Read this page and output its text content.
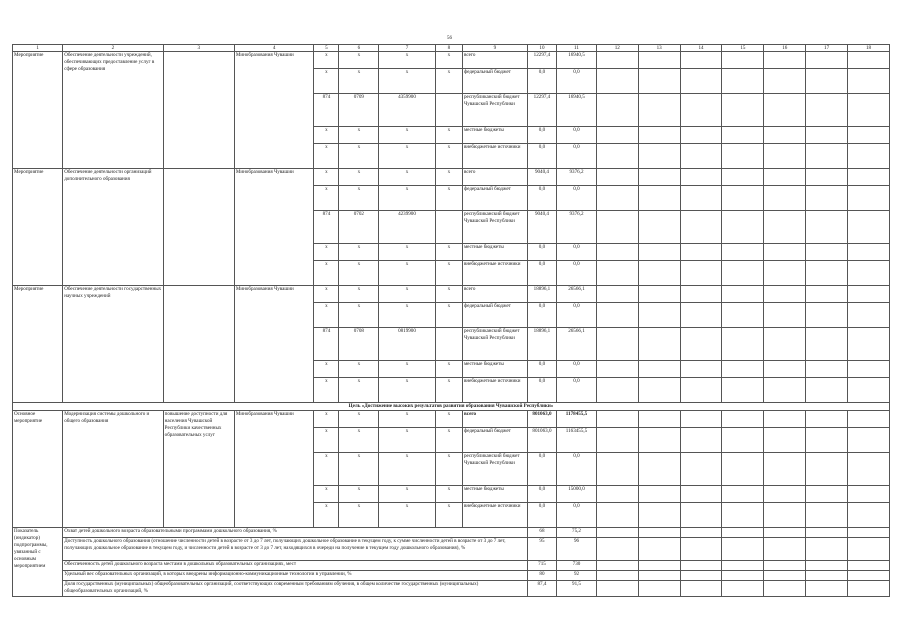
56
1	2	3	4	5	6	7	8	9	10	11	12	13	14	15	16	17	18
Мероприятие	Обеспечение деятельности учреждений, обеспечивающих предоставление услуг в сфере образования		Минобразования Чувашии	х	х	х	х	всего	12297,4	16940,5							
				х	х	х	х	федеральный бюджет	0,0	0,0							
				874	0709	4359900		республиканский бюджет Чувашской Республики	12297,4	16940,5							
				х	х	х	х	местные бюджеты	0,0	0,0							
				х	х	х	х	внебюджетные источники	0,0	0,0							
Мероприятие	Обеспечение деятельности организаций дополнительного образования		Минобразования Чувашии	х	х	х	х	всего	9040,4	9376,2							
				х	х	х	х	федеральный бюджет	0,0	0,0							
				874	0702	4239900		республиканский бюджет Чувашской Республики	9040,4	9376,2							
				х	х	х	х	местные бюджеты	0,0	0,0							
				х	х	х	х	внебюджетные источники	0,0	0,0							
Мероприятие	Обеспечение деятельности государственных научных учреждений		Минобразования Чувашии	х	х	х	х	всего	18896,1	26566,1							
				х	х	х	х	федеральный бюджет	0,0	0,0							
				874	0708	0819900		республиканский бюджет Чувашской Республики	18896,1	26566,1							
				х	х	х	х	местные бюджеты	0,0	0,0							
				х	х	х	х	внебюджетные источники	0,0	0,0							
Цель «Достижение высоких результатов развития образования Чувашской Республики»																	
Основное мероприятие	Модернизация системы дошкольного и общего образования	повышение доступности для населения Чувашской Республики качественных образовательных услуг	Минобразования Чувашии	х	х	х	х	всего	801063,0	1178455,5							
				х	х	х	х	федеральный бюджет	801063,0	1163455,5							
				х	х	х	х	республиканский бюджет Чувашской Республики	0,0	0,0							
				х	х	х	х	местные бюджеты	0,0	15000,0							
				х	х	х	х	внебюджетные источники	0,0	0,0							
Показатель (индикатор) подпрограммы, увязанный с основным мероприятием	Охват детей дошкольного возраста образовательными программами дошкольного образования, %								68	75,2							
	Доступность дошкольного образования (отношение численности детей в возрасте от 3 до 7 лет, получающих дошкольное образование в текущем году, к сумме численности детей в возрасте от 3 до 7 лет, получающих дошкольное образование в текущем году, и численности детей в возрасте от 3 до 7 лет, находящихся в очереди на получение в текущем году дошкольного образования), %								95	96							
	Обеспеченность детей дошкольного возраста местами в дошкольных образовательных организациях, мест								715	730							
	Удельный вес образовательных организаций, в которых внедрены информационно-коммуникационные технологии в управлении, %								80	92							
	Доля государственных (муниципальных) общеобразовательных организаций, соответствующих современным требованиям обучения, в общем количестве государственных (муниципальных) общеобразовательных организаций, %								87,4	91,5							
